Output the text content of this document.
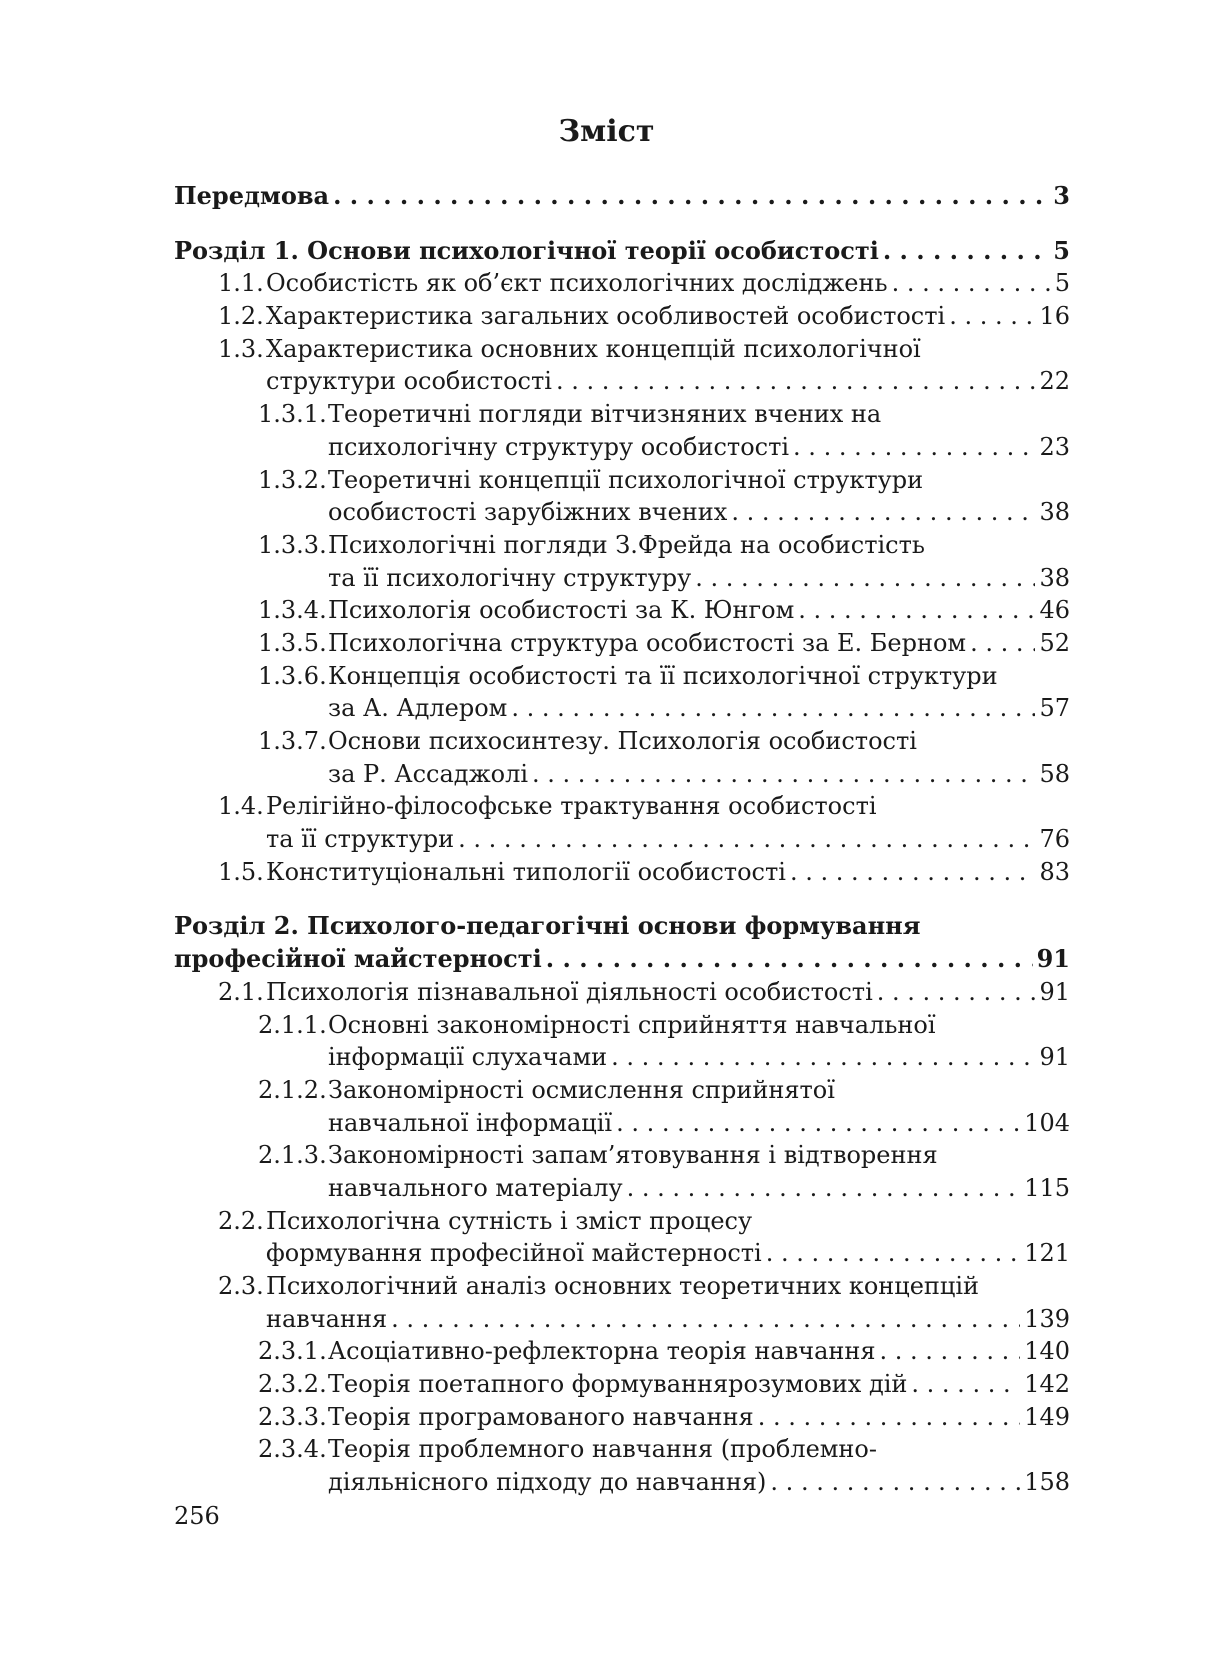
Зміст
Передмова . . .	3
Розділ 1. Основи психологічної теорії особистості . . .	5
1.1. Особистість як об’єкт психологічних досліджень . . .	5
1.2. Характеристика загальних особливостей особистості . . .	16
1.3. Характеристика основних концепцій психологічної
структури особистості . . .	22
1.3.1. Теоретичні погляди вітчизняних вчених на
психологічну структуру особистості . . .	23
1.3.2. Теоретичні концепції психологічної структури
особистості зарубіжних вчених . . .	38
1.3.3. Психологічні погляди З.Фрейда на особистість
та її психологічну структуру . . .	38
1.3.4. Психологія особистості за К. Юнгом . . .	46
1.3.5. Психологічна структура особистості за Е. Берном . . .	52
1.3.6. Концепція особистості та її психологічної структури
за А. Адлером . . .	57
1.3.7. Основи психосинтезу. Психологія особистості
за Р. Ассаджолі . . .	58
1.4. Релігійно-філософське трактування особистості
та її структури . . .	76
1.5. Конституціональні типології особистості . . .	83
Розділ 2. Психолого-педагогічні основи формування
професійної майстерності . . .	91
2.1. Психологія пізнавальної діяльності особистості . . .	91
2.1.1. Основні закономірності сприйняття навчальної
інформації слухачами . . .	91
2.1.2. Закономірності осмислення сприйнятої
навчальної інформації . . .	104
2.1.3. Закономірності запам’ятовування і відтворення
навчального матеріалу . . .	115
2.2. Психологічна сутність і зміст процесу
формування професійної майстерності . . .	121
2.3. Психологічний аналіз основних теоретичних концепцій
навчання . . .	139
2.3.1. Асоціативно-рефлекторна теорія навчання . . .	140
2.3.2. Теорія поетапного формуваннярозумових дій . . .	142
2.3.3. Теорія програмованого навчання . . .	149
2.3.4. Теорія проблемного навчання (проблемно-
діяльнісного підходу до навчання) . . .	158
256
